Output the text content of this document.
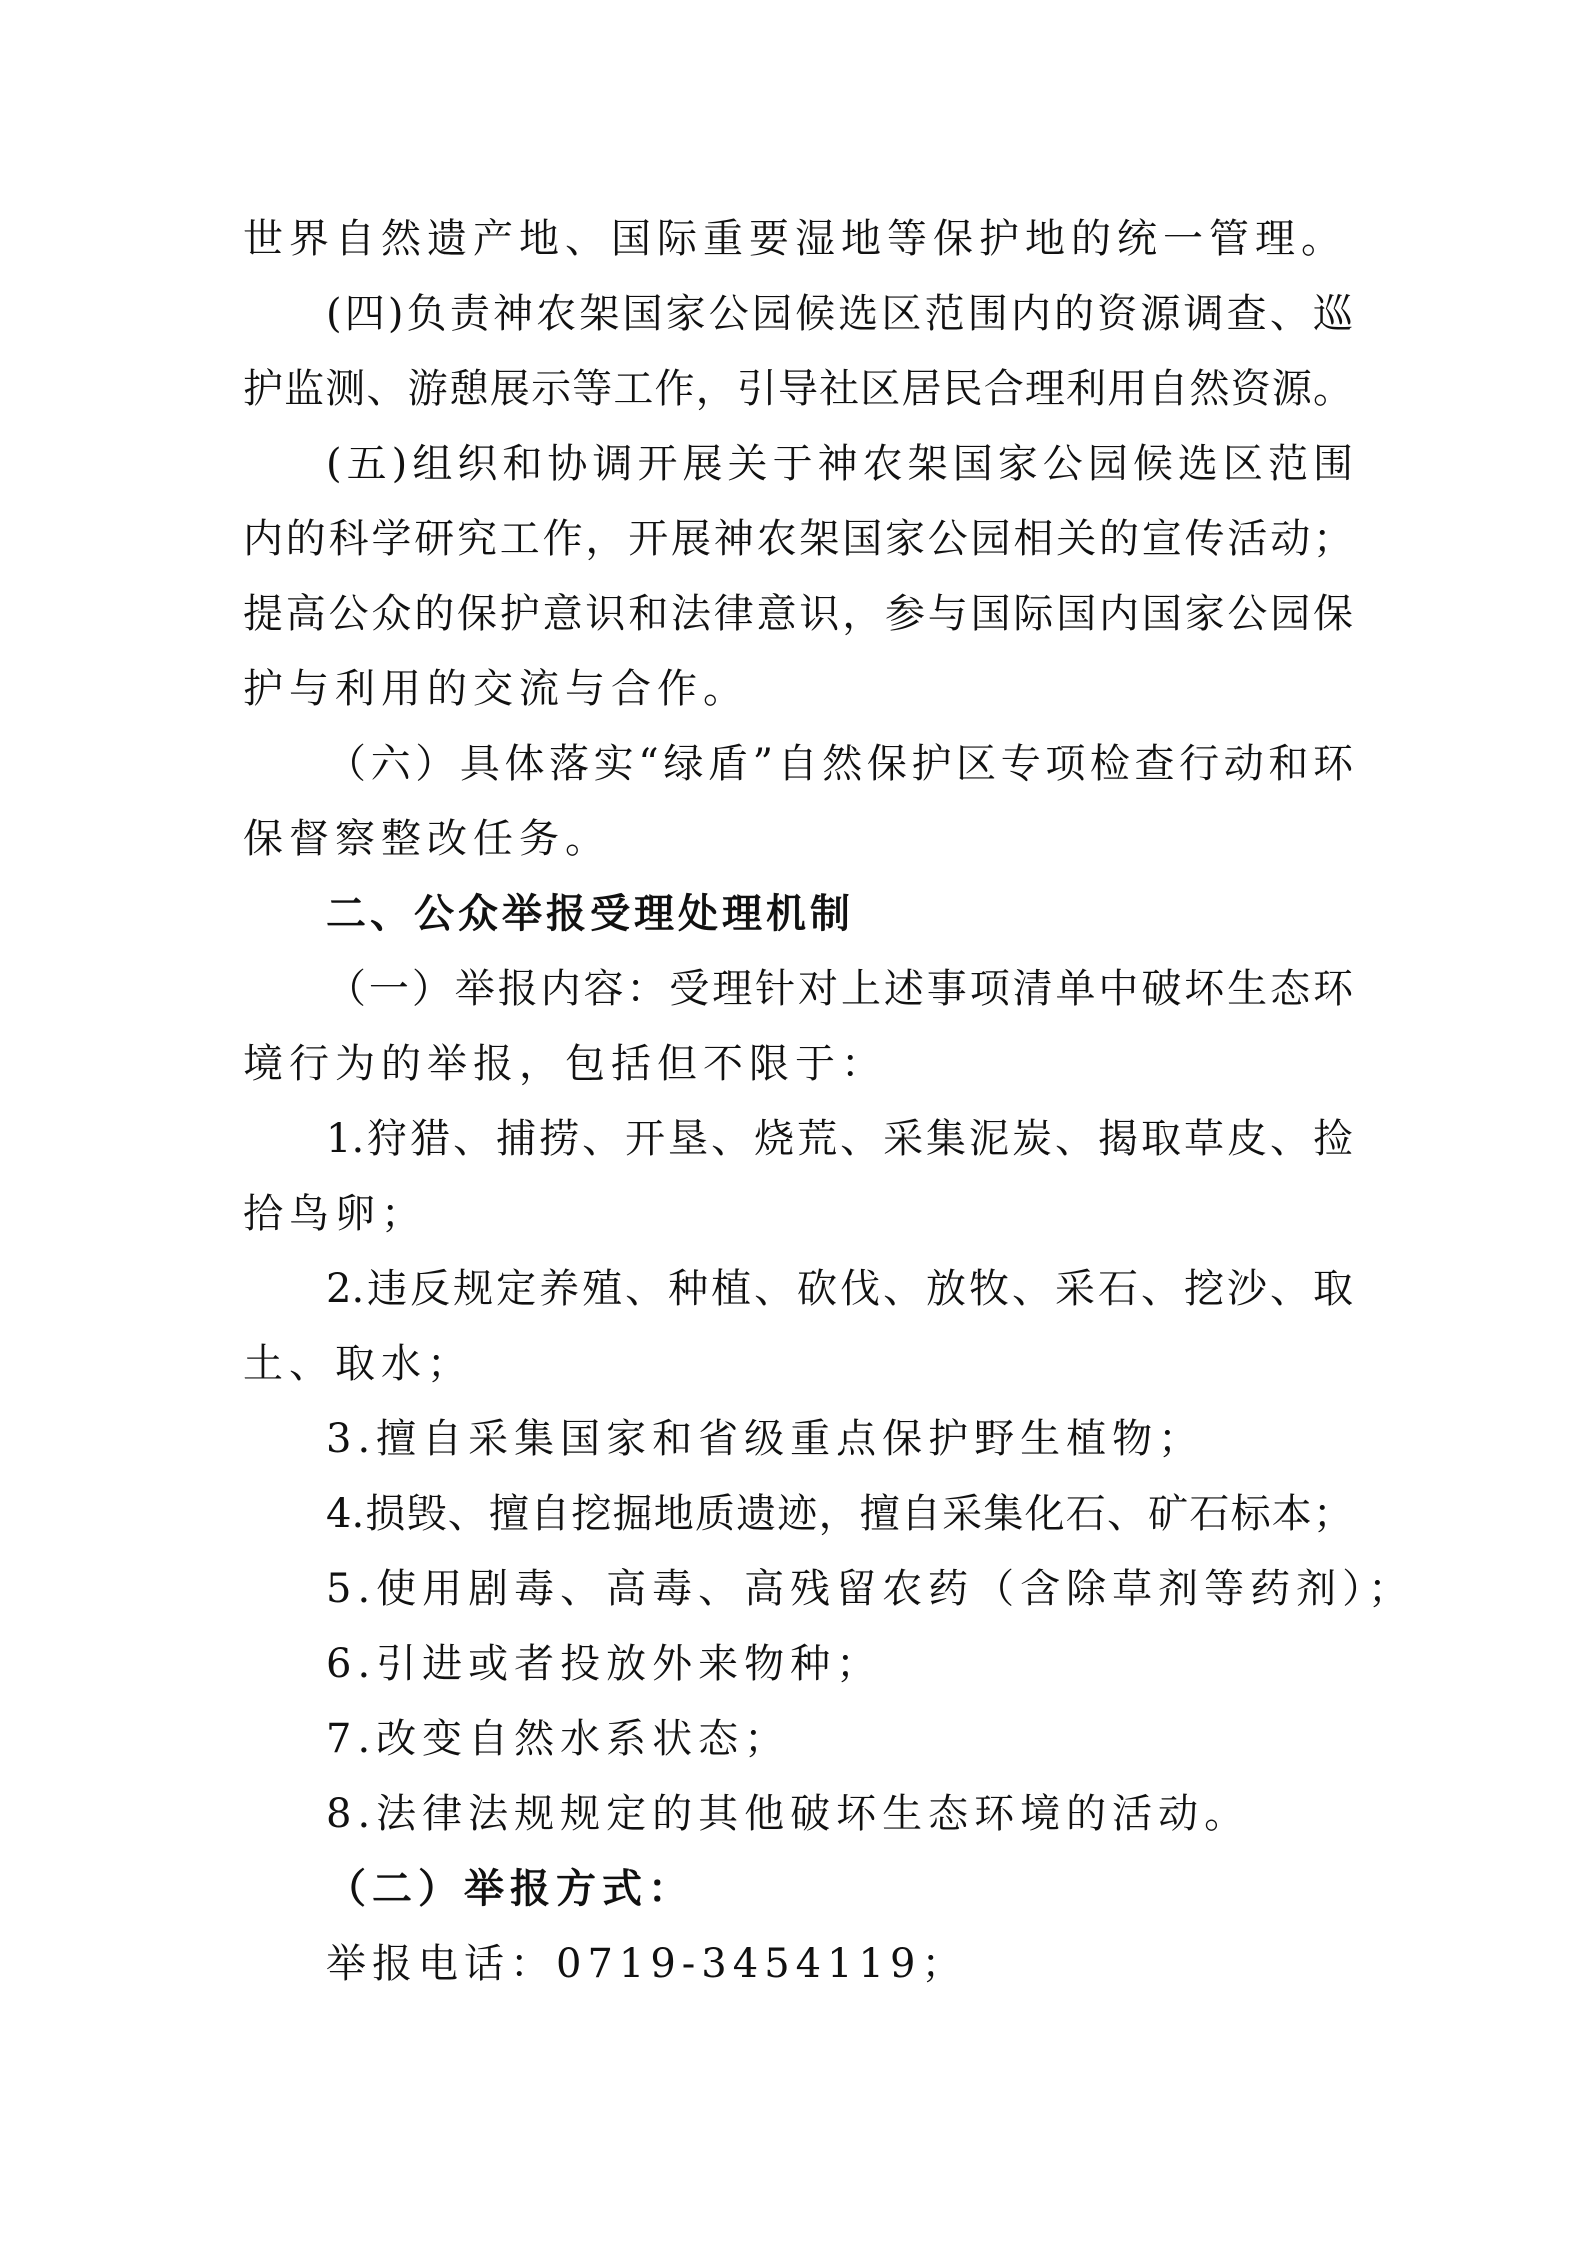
世界自然遗产地、国际重要湿地等保护地的统一管理。
(四)负责神农架国家公园候选区范围内的资源调查、巡
护监测、游憩展示等工作，引导社区居民合理利用自然资源。
(五)组织和协调开展关于神农架国家公园候选区范围
内的科学研究工作，开展神农架国家公园相关的宣传活动；
提高公众的保护意识和法律意识，参与国际国内国家公园保
护与利用的交流与合作。
（六）具体落实“绿盾”自然保护区专项检查行动和环
保督察整改任务。
二、公众举报受理处理机制
（一）举报内容：受理针对上述事项清单中破坏生态环
境行为的举报，包括但不限于：
1.狩猎、捕捞、开垦、烧荒、采集泥炭、揭取草皮、捡
拾鸟卵；
2.违反规定养殖、种植、砍伐、放牧、采石、挖沙、取
土、取水；
3.擅自采集国家和省级重点保护野生植物；
4.损毁、擅自挖掘地质遗迹，擅自采集化石、矿石标本；
5.使用剧毒、高毒、高残留农药（含除草剂等药剂）；
6.引进或者投放外来物种；
7.改变自然水系状态；
8.法律法规规定的其他破坏生态环境的活动。
（二）举报方式：
举报电话：0719-3454119；
